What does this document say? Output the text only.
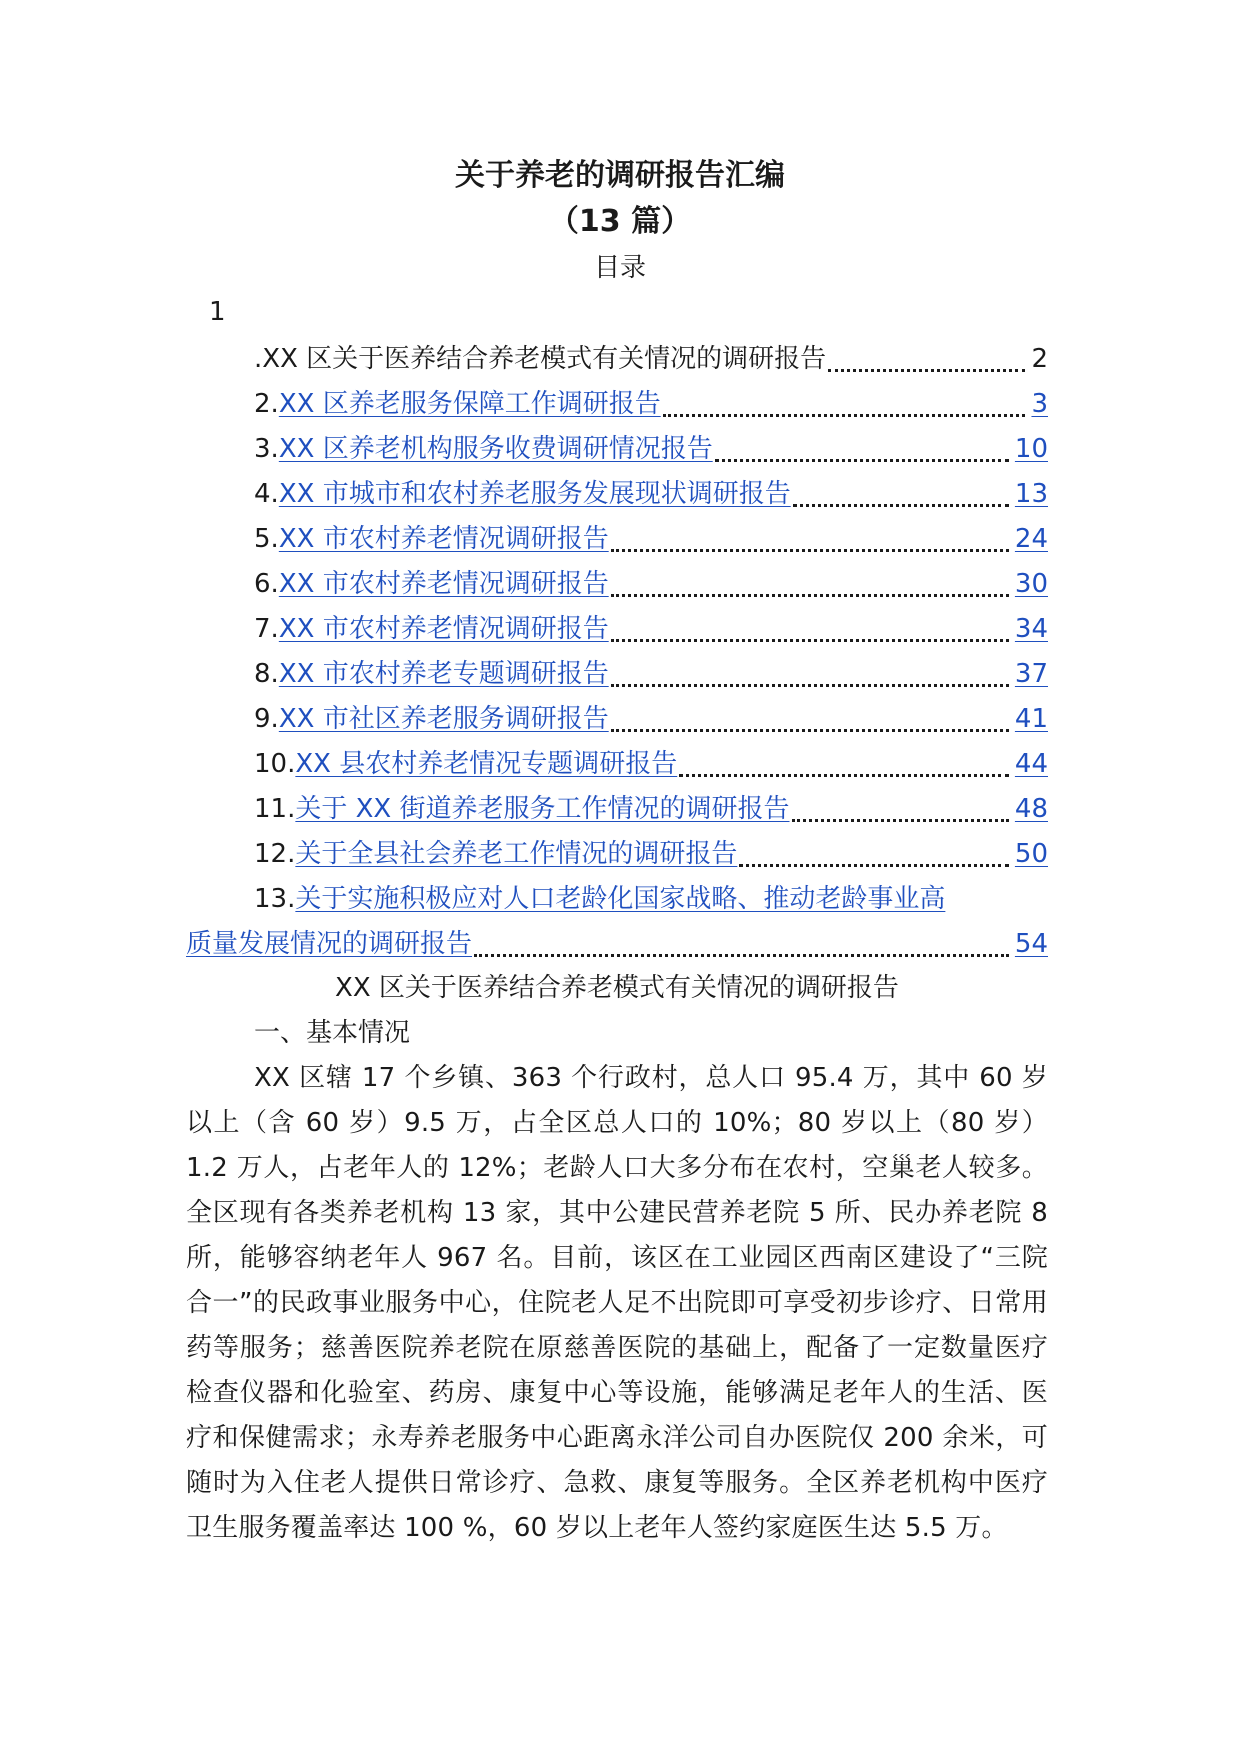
关于养老的调研报告汇编
（13 篇）
目录
1
.XX 区关于医养结合养老模式有关情况的调研报告	2
2.XX 区养老服务保障工作调研报告	3
3.XX 区养老机构服务收费调研情况报告	10
4.XX 市城市和农村养老服务发展现状调研报告	13
5.XX 市农村养老情况调研报告	24
6.XX 市农村养老情况调研报告	30
7.XX 市农村养老情况调研报告	34
8.XX 市农村养老专题调研报告	37
9.XX 市社区养老服务调研报告	41
10.XX 县农村养老情况专题调研报告	44
11.关于 XX 街道养老服务工作情况的调研报告	48
12.关于全县社会养老工作情况的调研报告	50
13.关于实施积极应对人口老龄化国家战略、推动老龄事业高
质量发展情况的调研报告	54
XX 区关于医养结合养老模式有关情况的调研报告
一、基本情况
XX 区辖 17 个乡镇、363 个行政村，总人口 95.4 万，其中 60 岁以上（含 60 岁）9.5 万，占全区总人口的 10%；80 岁以上（80 岁）1.2 万人，占老年人的 12%；老龄人口大多分布在农村，空巢老人较多。全区现有各类养老机构 13 家，其中公建民营养老院 5 所、民办养老院 8 所，能够容纳老年人 967 名。目前，该区在工业园区西南区建设了“三院合一”的民政事业服务中心，住院老人足不出院即可享受初步诊疗、日常用药等服务；慈善医院养老院在原慈善医院的基础上，配备了一定数量医疗检查仪器和化验室、药房、康复中心等设施，能够满足老年人的生活、医疗和保健需求；永寿养老服务中心距离永洋公司自办医院仅 200 余米，可随时为入住老人提供日常诊疗、急救、康复等服务。全区养老机构中医疗卫生服务覆盖率达 100 %，60 岁以上老年人签约家庭医生达 5.5 万。
